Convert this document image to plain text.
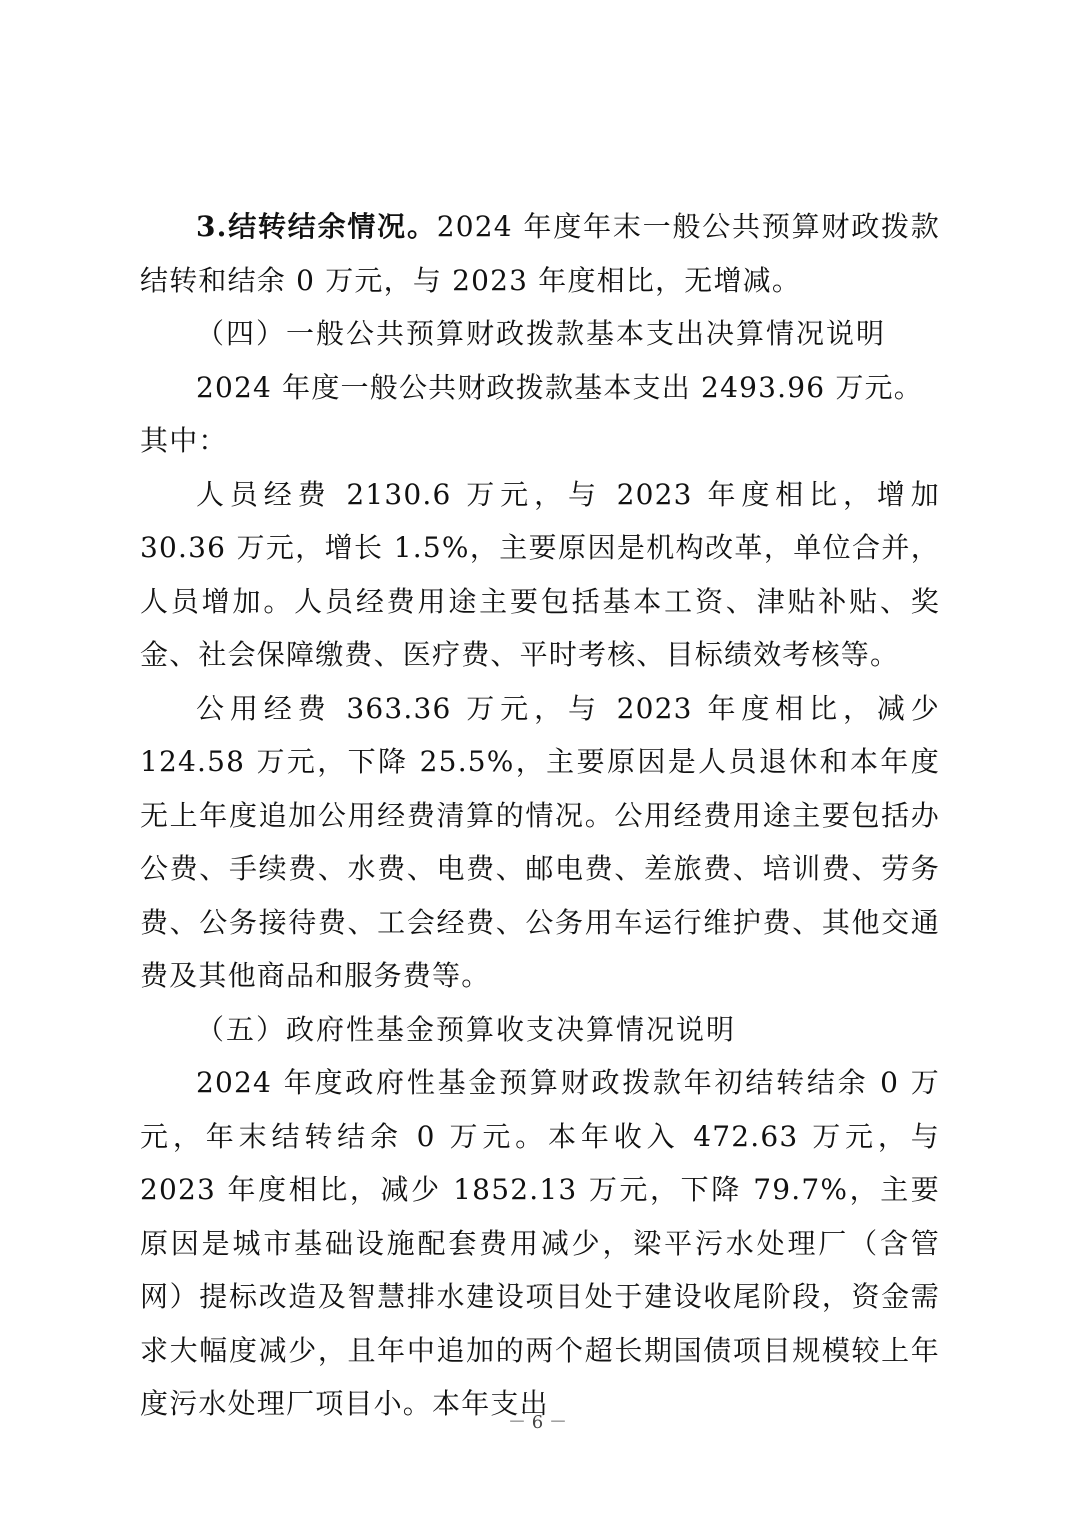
3.结转结余情况。2024 年度年末一般公共预算财政拨款结转和结余 0 万元，与 2023 年度相比，无增减。

（四）一般公共预算财政拨款基本支出决算情况说明

2024 年度一般公共财政拨款基本支出 2493.96 万元。

其中：

人员经费 2130.6 万元，与 2023 年度相比，增加 30.36 万元，增长 1.5%，主要原因是机构改革，单位合并，人员增加。人员经费用途主要包括基本工资、津贴补贴、奖金、社会保障缴费、医疗费、平时考核、目标绩效考核等。

公用经费 363.36 万元，与 2023 年度相比，减少 124.58 万元，下降 25.5%，主要原因是人员退休和本年度无上年度追加公用经费清算的情况。公用经费用途主要包括办公费、手续费、水费、电费、邮电费、差旅费、培训费、劳务费、公务接待费、工会经费、公务用车运行维护费、其他交通费及其他商品和服务费等。

（五）政府性基金预算收支决算情况说明

2024 年度政府性基金预算财政拨款年初结转结余 0 万元，年末结转结余 0 万元。本年收入 472.63 万元，与 2023 年度相比，减少 1852.13 万元，下降 79.7%，主要原因是城市基础设施配套费用减少，梁平污水处理厂（含管网）提标改造及智慧排水建设项目处于建设收尾阶段，资金需求大幅度减少，且年中追加的两个超长期国债项目规模较上年度污水处理厂项目小。本年支出

－ 6 －
